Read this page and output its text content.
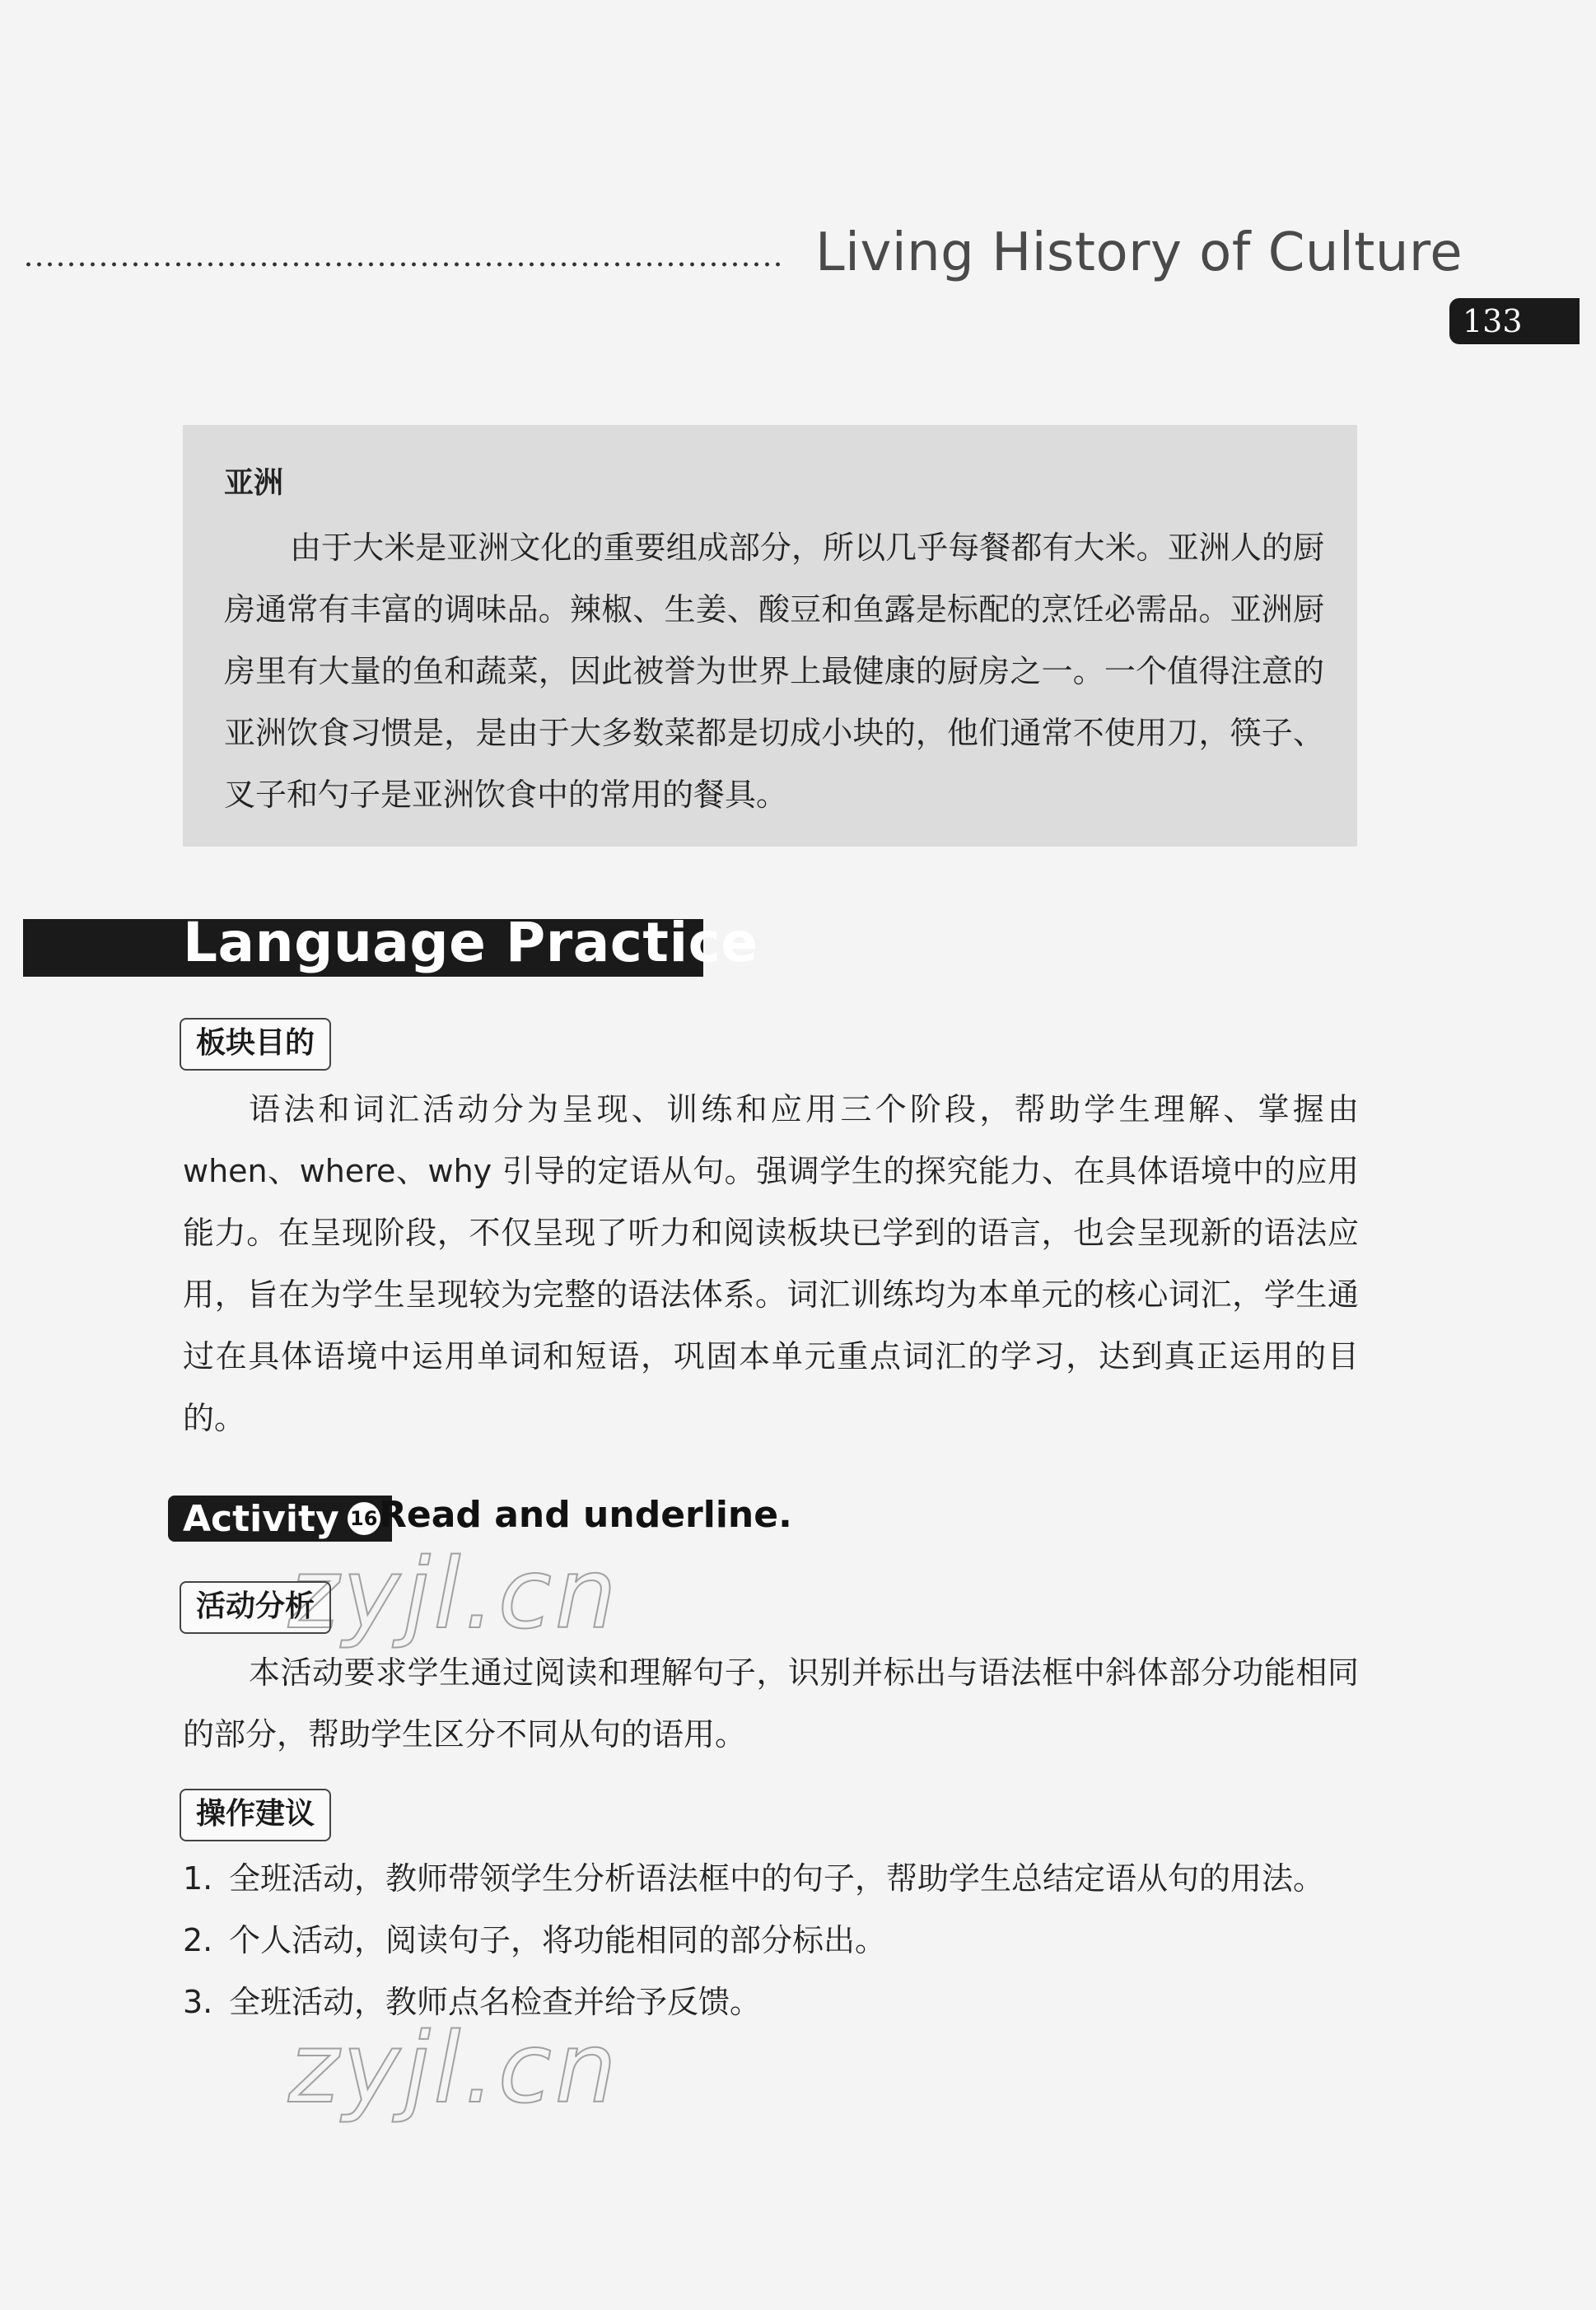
Living History of Culture
133
亚洲
由于大米是亚洲文化的重要组成部分，所以几乎每餐都有大米。亚洲人的厨房通常有丰富的调味品。辣椒、生姜、酸豆和鱼露是标配的烹饪必需品。亚洲厨房里有大量的鱼和蔬菜，因此被誉为世界上最健康的厨房之一。一个值得注意的亚洲饮食习惯是，是由于大多数菜都是切成小块的，他们通常不使用刀，筷子、叉子和勺子是亚洲饮食中的常用的餐具。
Language Practice
板块目的
语法和词汇活动分为呈现、训练和应用三个阶段，帮助学生理解、掌握由when、where、why 引导的定语从句。强调学生的探究能力、在具体语境中的应用能力。在呈现阶段，不仅呈现了听力和阅读板块已学到的语言，也会呈现新的语法应用，旨在为学生呈现较为完整的语法体系。词汇训练均为本单元的核心词汇，学生通过在具体语境中运用单词和短语，巩固本单元重点词汇的学习，达到真正运用的目的。
Activity 16 Read and underline.
活动分析
本活动要求学生通过阅读和理解句子，识别并标出与语法框中斜体部分功能相同的部分，帮助学生区分不同从句的语用。
操作建议
1. 全班活动，教师带领学生分析语法框中的句子，帮助学生总结定语从句的用法。
2. 个人活动，阅读句子，将功能相同的部分标出。
3. 全班活动，教师点名检查并给予反馈。
zyjl.cn
zyjl.cn
